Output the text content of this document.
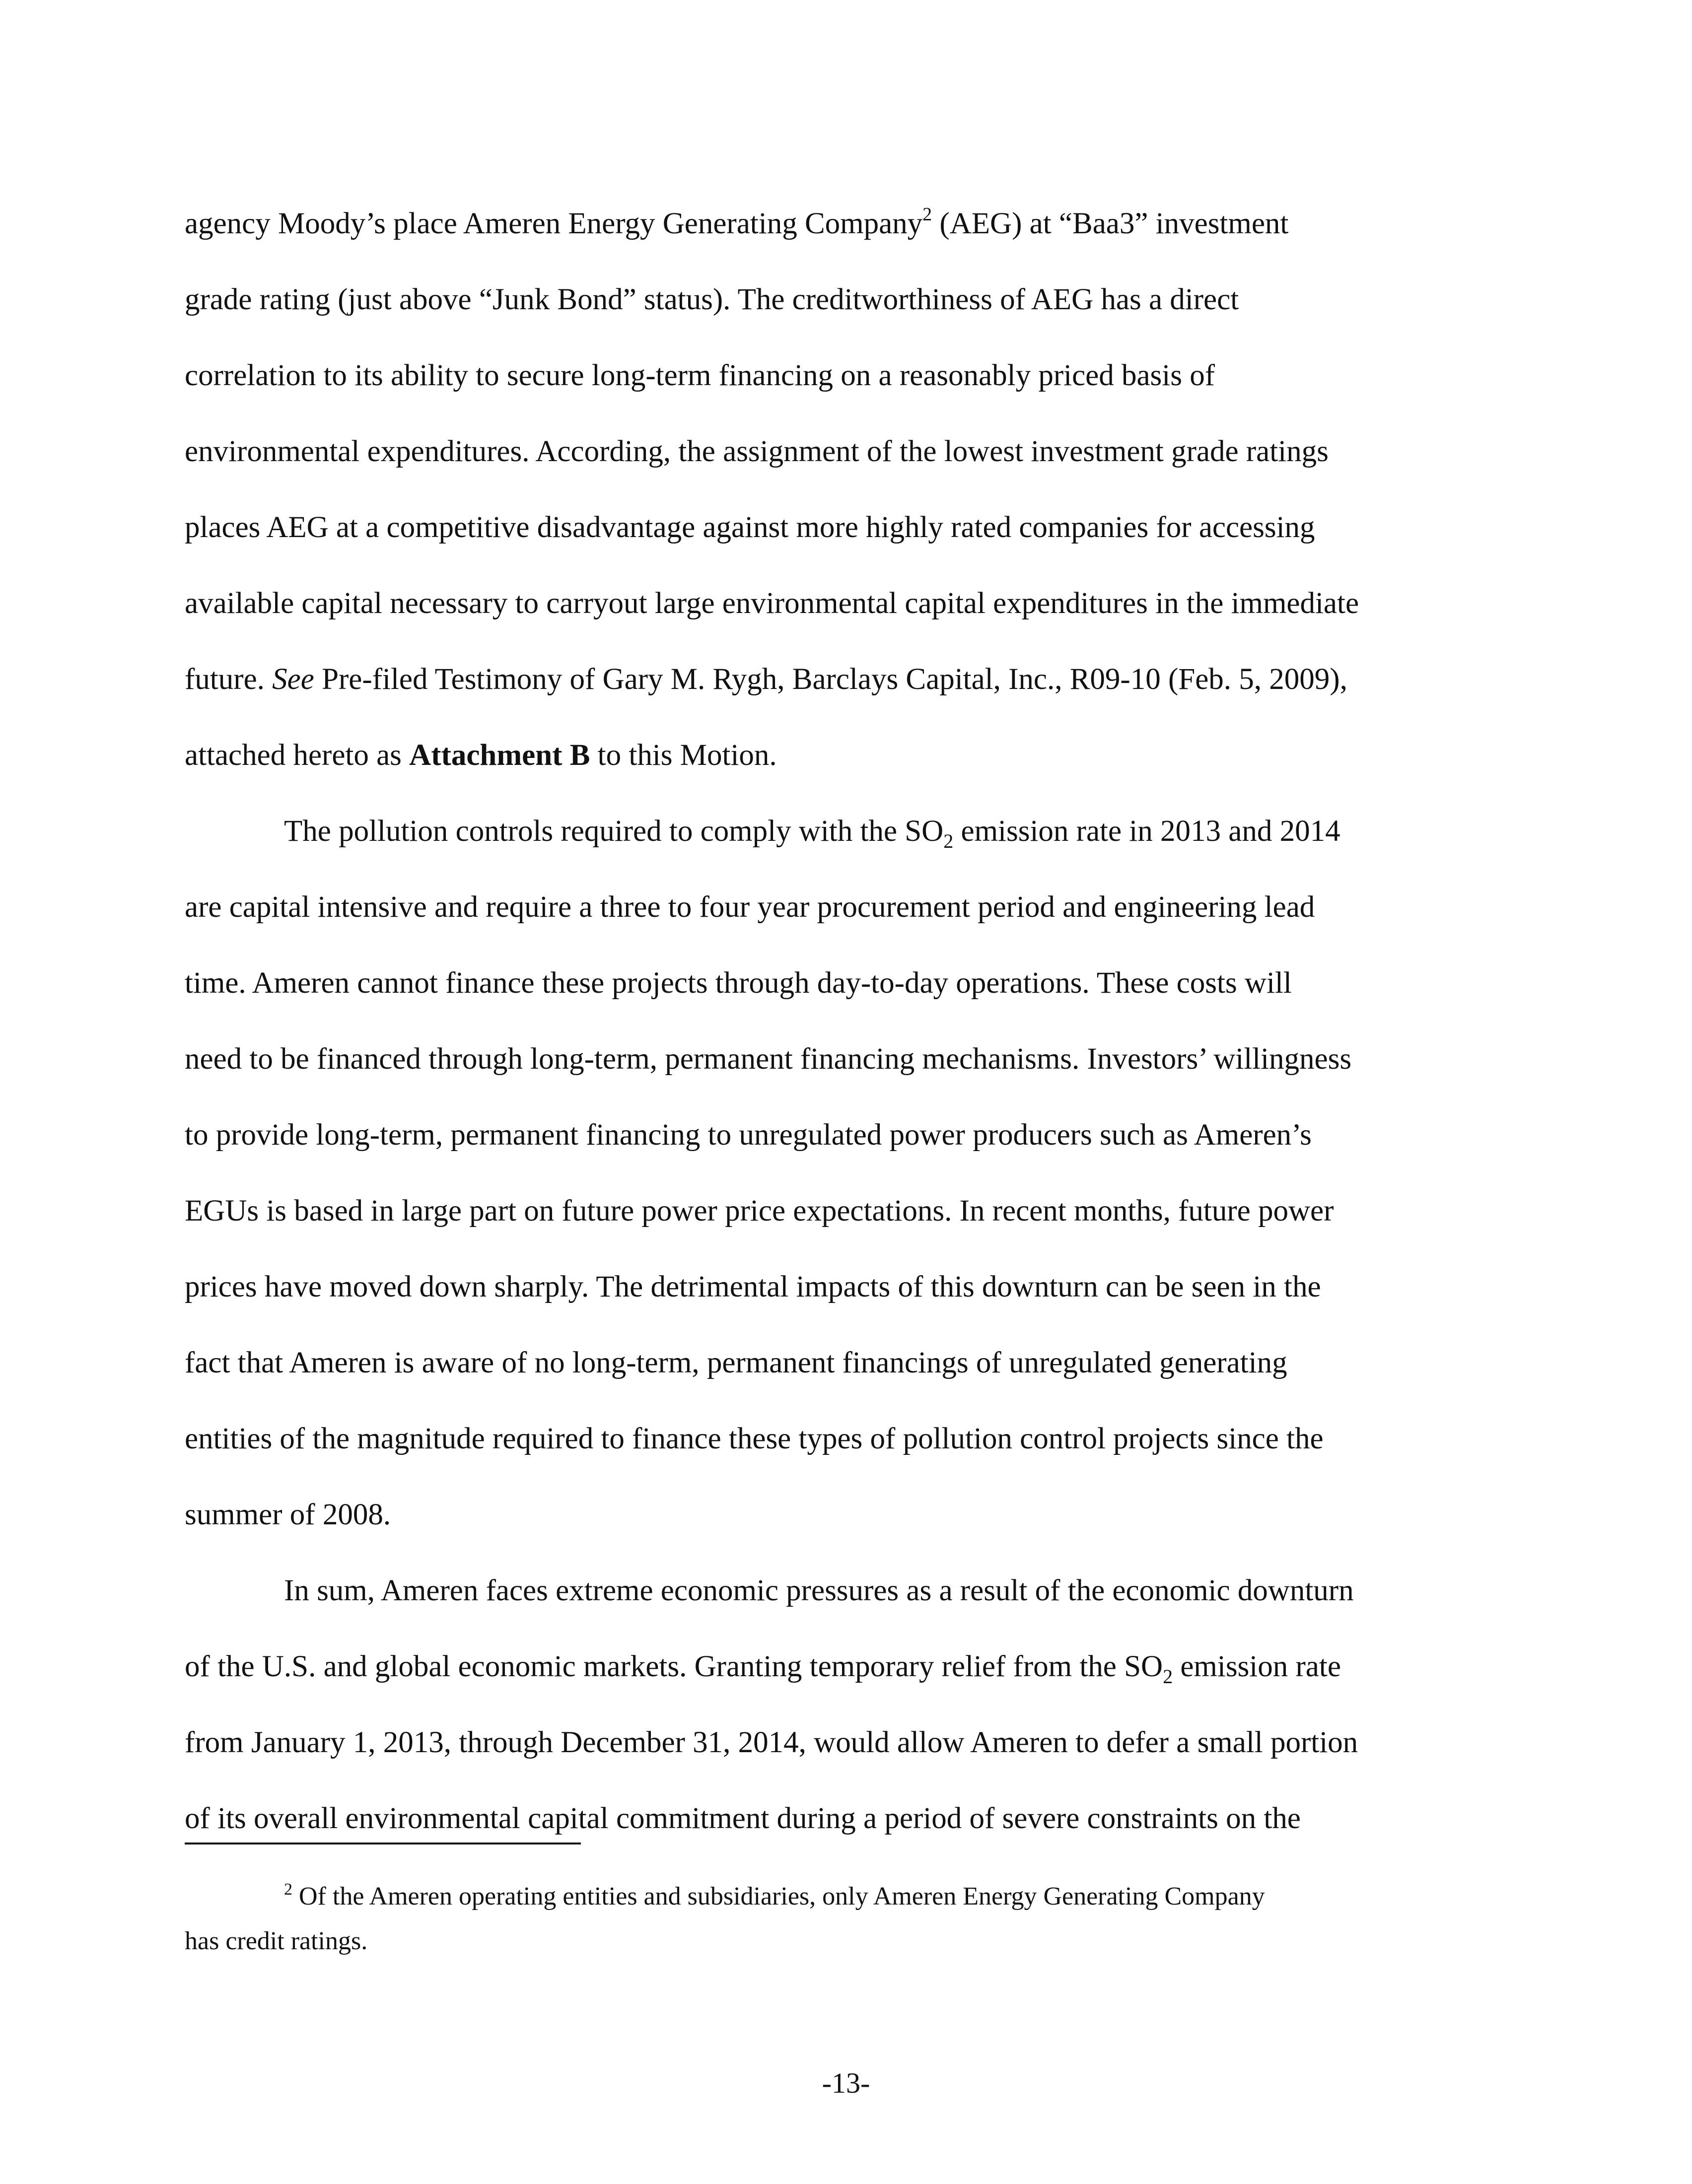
agency Moody’s place Ameren Energy Generating Company$^2$ (AEG) at “Baa3” investment
grade rating (just above “Junk Bond” status). The creditworthiness of AEG has a direct
correlation to its ability to secure long-term financing on a reasonably priced basis of
environmental expenditures. According, the assignment of the lowest investment grade ratings
places AEG at a competitive disadvantage against more highly rated companies for accessing
available capital necessary to carryout large environmental capital expenditures in the immediate
future. See Pre-filed Testimony of Gary M. Rygh, Barclays Capital, Inc., R09-10 (Feb. 5, 2009),
attached hereto as Attachment B to this Motion.
The pollution controls required to comply with the $SO_2$ emission rate in 2013 and 2014
are capital intensive and require a three to four year procurement period and engineering lead
time. Ameren cannot finance these projects through day-to-day operations. These costs will
need to be financed through long-term, permanent financing mechanisms. Investors’ willingness
to provide long-term, permanent financing to unregulated power producers such as Ameren’s
EGUs is based in large part on future power price expectations. In recent months, future power
prices have moved down sharply. The detrimental impacts of this downturn can be seen in the
fact that Ameren is aware of no long-term, permanent financings of unregulated generating
entities of the magnitude required to finance these types of pollution control projects since the
summer of 2008.
In sum, Ameren faces extreme economic pressures as a result of the economic downturn
of the U.S. and global economic markets. Granting temporary relief from the $SO_2$ emission rate
from January 1, 2013, through December 31, 2014, would allow Ameren to defer a small portion
of its overall environmental capital commitment during a period of severe constraints on the
$^2$ Of the Ameren operating entities and subsidiaries, only Ameren Energy Generating Company
has credit ratings.
-13-
